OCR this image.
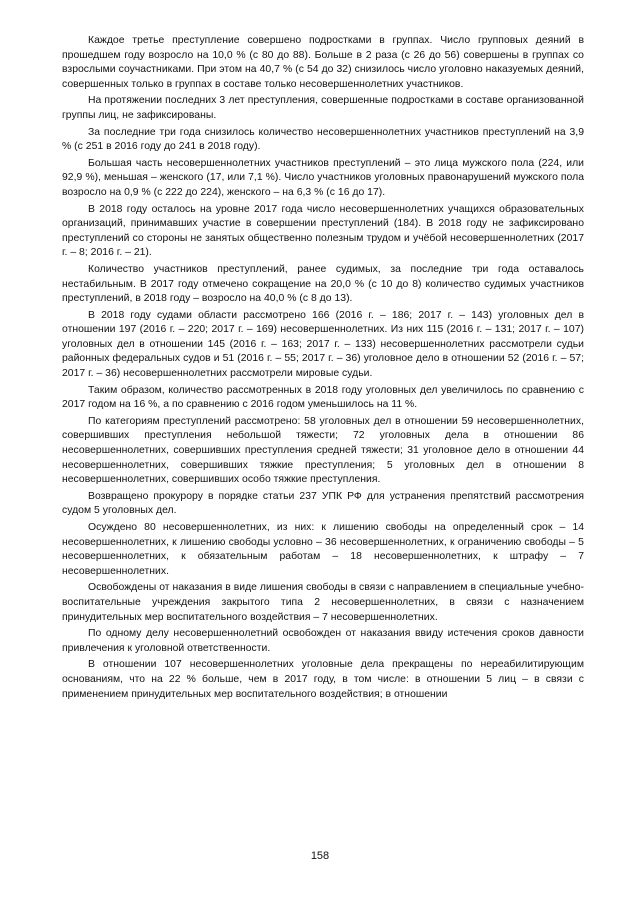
Каждое третье преступление совершено подростками в группах. Число групповых деяний в прошедшем году возросло на 10,0 % (с 80 до 88). Больше в 2 раза (с 26 до 56) совершены в группах со взрослыми соучастниками. При этом на 40,7 % (с 54 до 32) снизилось число уголовно наказуемых деяний, совершенных только в группах в составе только несовершеннолетних участников.

На протяжении последних 3 лет преступления, совершенные подростками в составе организованной группы лиц, не зафиксированы.

За последние три года снизилось количество несовершеннолетних участников преступлений на 3,9 % (с 251 в 2016 году до 241 в 2018 году).

Большая часть несовершеннолетних участников преступлений – это лица мужского пола (224, или 92,9 %), меньшая – женского (17, или 7,1 %). Число участников уголовных правонарушений мужского пола возросло на 0,9 % (с 222 до 224), женского – на 6,3 % (с 16 до 17).

В 2018 году осталось на уровне 2017 года число несовершеннолетних учащихся образовательных организаций, принимавших участие в совершении преступлений (184). В 2018 году не зафиксировано преступлений со стороны не занятых общественно полезным трудом и учёбой несовершеннолетних (2017 г. – 8; 2016 г. – 21).

Количество участников преступлений, ранее судимых, за последние три года оставалось нестабильным. В 2017 году отмечено сокращение на 20,0 % (с 10 до 8) количество судимых участников преступлений, в 2018 году – возросло на 40,0 % (с 8 до 13).

В 2018 году судами области рассмотрено 166 (2016 г. – 186; 2017 г. – 143) уголовных дел в отношении 197 (2016 г. – 220; 2017 г. – 169) несовершеннолетних. Из них 115 (2016 г. – 131; 2017 г. – 107) уголовных дел в отношении 145 (2016 г. – 163; 2017 г. – 133) несовершеннолетних рассмотрели судьи районных федеральных судов и 51 (2016 г. – 55; 2017 г. – 36) уголовное дело в отношении 52 (2016 г. – 57; 2017 г. – 36) несовершеннолетних рассмотрели мировые судьи.

Таким образом, количество рассмотренных в 2018 году уголовных дел увеличилось по сравнению с 2017 годом на 16 %, а по сравнению с 2016 годом уменьшилось на 11 %.

По категориям преступлений рассмотрено: 58 уголовных дел в отношении 59 несовершеннолетних, совершивших преступления небольшой тяжести; 72 уголовных дела в отношении 86 несовершеннолетних, совершивших преступления средней тяжести; 31 уголовное дело в отношении 44 несовершеннолетних, совершивших тяжкие преступления; 5 уголовных дел в отношении 8 несовершеннолетних, совершивших особо тяжкие преступления.

Возвращено прокурору в порядке статьи 237 УПК РФ для устранения препятствий рассмотрения судом 5 уголовных дел.

Осуждено 80 несовершеннолетних, из них: к лишению свободы на определенный срок – 14 несовершеннолетних, к лишению свободы условно – 36 несовершеннолетних, к ограничению свободы – 5 несовершеннолетних, к обязательным работам – 18 несовершеннолетних, к штрафу – 7 несовершеннолетних.

Освобождены от наказания в виде лишения свободы в связи с направлением в специальные учебно-воспитательные учреждения закрытого типа 2 несовершеннолетних, в связи с назначением принудительных мер воспитательного воздействия – 7 несовершеннолетних.

По одному делу несовершеннолетний освобожден от наказания ввиду истечения сроков давности привлечения к уголовной ответственности.

В отношении 107 несовершеннолетних уголовные дела прекращены по нереабилитирующим основаниям, что на 22 % больше, чем в 2017 году, в том числе: в отношении 5 лиц – в связи с применением принудительных мер воспитательного воздействия; в отношении

158
